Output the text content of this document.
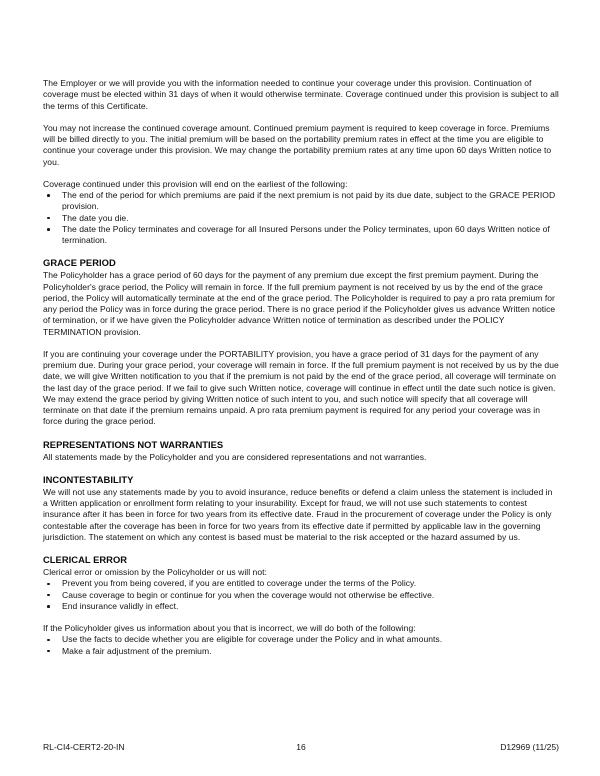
The Employer or we will provide you with the information needed to continue your coverage under this provision. Continuation of coverage must be elected within 31 days of when it would otherwise terminate. Coverage continued under this provision is subject to all the terms of this Certificate.

You may not increase the continued coverage amount. Continued premium payment is required to keep coverage in force. Premiums will be billed directly to you. The initial premium will be based on the portability premium rates in effect at the time you are eligible to continue your coverage under this provision. We may change the portability premium rates at any time upon 60 days Written notice to you.

Coverage continued under this provision will end on the earliest of the following:

The end of the period for which premiums are paid if the next premium is not paid by its due date, subject to the GRACE PERIOD provision.
The date you die.
The date the Policy terminates and coverage for all Insured Persons under the Policy terminates, upon 60 days Written notice of termination.
GRACE PERIOD

The Policyholder has a grace period of 60 days for the payment of any premium due except the first premium payment. During the Policyholder's grace period, the Policy will remain in force. If the full premium payment is not received by us by the end of the grace period, the Policy will automatically terminate at the end of the grace period. The Policyholder is required to pay a pro rata premium for any period the Policy was in force during the grace period. There is no grace period if the Policyholder gives us advance Written notice of termination, or if we have given the Policyholder advance Written notice of termination as described under the POLICY TERMINATION provision.

If you are continuing your coverage under the PORTABILITY provision, you have a grace period of 31 days for the payment of any premium due. During your grace period, your coverage will remain in force. If the full premium payment is not received by us by the due date, we will give Written notification to you that if the premium is not paid by the end of the grace period, all coverage will terminate on the last day of the grace period. If we fail to give such Written notice, coverage will continue in effect until the date such notice is given. We may extend the grace period by giving Written notice of such intent to you, and such notice will specify that all coverage will terminate on that date if the premium remains unpaid. A pro rata premium payment is required for any period your coverage was in force during the grace period.

REPRESENTATIONS NOT WARRANTIES

All statements made by the Policyholder and you are considered representations and not warranties.

INCONTESTABILITY

We will not use any statements made by you to avoid insurance, reduce benefits or defend a claim unless the statement is included in a Written application or enrollment form relating to your insurability. Except for fraud, we will not use such statements to contest insurance after it has been in force for two years from its effective date. Fraud in the procurement of coverage under the Policy is only contestable after the coverage has been in force for two years from its effective date if permitted by applicable law in the governing jurisdiction. The statement on which any contest is based must be material to the risk accepted or the hazard assumed by us.

CLERICAL ERROR

Clerical error or omission by the Policyholder or us will not:

Prevent you from being covered, if you are entitled to coverage under the terms of the Policy.
Cause coverage to begin or continue for you when the coverage would not otherwise be effective.
End insurance validly in effect.

If the Policyholder gives us information about you that is incorrect, we will do both of the following:

Use the facts to decide whether you are eligible for coverage under the Policy and in what amounts.
Make a fair adjustment of the premium.
RL-CI4-CERT2-20-IN	16	D12969 (11/25)
